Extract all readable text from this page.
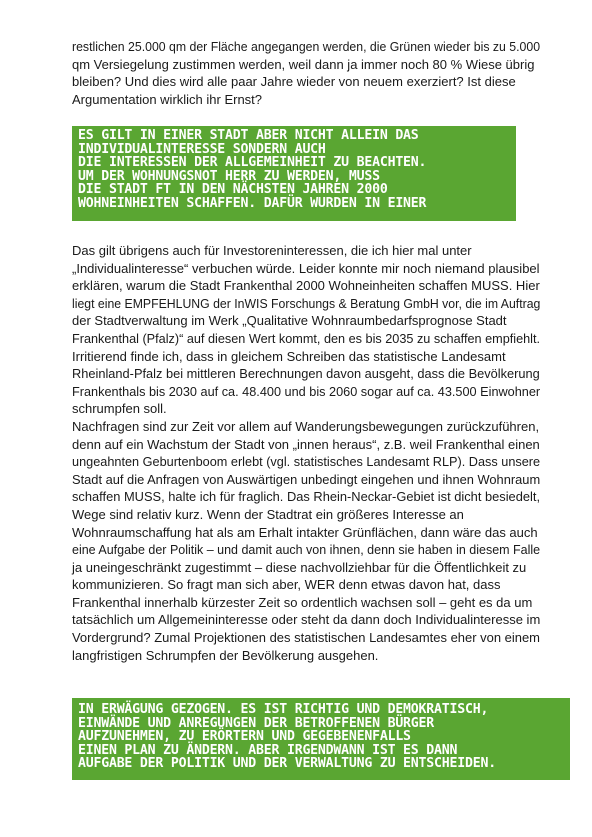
restlichen 25.000 qm der Fläche angegangen werden, die Grünen wieder bis zu 5.000
qm Versiegelung zustimmen werden, weil dann ja immer noch 80 % Wiese übrig
bleiben? Und dies wird alle paar Jahre wieder von neuem exerziert? Ist diese
Argumentation wirklich ihr Ernst?
ES GILT IN EINER STADT ABER NICHT ALLEIN DAS
INDIVIDUALINTERESSE SONDERN AUCH
DIE INTERESSEN DER ALLGEMEINHEIT ZU BEACHTEN.
UM DER WOHNUNGSNOT HERR ZU WERDEN, MUSS
DIE STADT FT IN DEN NÄCHSTEN JAHREN 2000
WOHNEINHEITEN SCHAFFEN. DAFÜR WURDEN IN EINER
Das gilt übrigens auch für Investoreninteressen, die ich hier mal unter
„Individualinteresse“ verbuchen würde. Leider konnte mir noch niemand plausibel
erklären, warum die Stadt Frankenthal 2000 Wohneinheiten schaffen MUSS. Hier
liegt eine EMPFEHLUNG der InWIS Forschungs & Beratung GmbH vor, die im Auftrag
der Stadtverwaltung im Werk „Qualitative Wohnraumbedarfsprognose Stadt
Frankenthal (Pfalz)“ auf diesen Wert kommt, den es bis 2035 zu schaffen empfiehlt.
Irritierend finde ich, dass in gleichem Schreiben das statistische Landesamt
Rheinland-Pfalz bei mittleren Berechnungen davon ausgeht, dass die Bevölkerung
Frankenthals bis 2030 auf ca. 48.400 und bis 2060 sogar auf ca. 43.500 Einwohner
schrumpfen soll.
Nachfragen sind zur Zeit vor allem auf Wanderungsbewegungen zurückzuführen,
denn auf ein Wachstum der Stadt von „innen heraus“, z.B. weil Frankenthal einen
ungeahnten Geburtenboom erlebt (vgl. statistisches Landesamt RLP). Dass unsere
Stadt auf die Anfragen von Auswärtigen unbedingt eingehen und ihnen Wohnraum
schaffen MUSS, halte ich für fraglich. Das Rhein-Neckar-Gebiet ist dicht besiedelt,
Wege sind relativ kurz. Wenn der Stadtrat ein größeres Interesse an
Wohnraumschaffung hat als am Erhalt intakter Grünflächen, dann wäre das auch
eine Aufgabe der Politik – und damit auch von ihnen, denn sie haben in diesem Falle
ja uneingeschränkt zugestimmt – diese nachvollziehbar für die Öffentlichkeit zu
kommunizieren. So fragt man sich aber, WER denn etwas davon hat, dass
Frankenthal innerhalb kürzester Zeit so ordentlich wachsen soll – geht es da um
tatsächlich um Allgemeininteresse oder steht da dann doch Individualinteresse im
Vordergrund? Zumal Projektionen des statistischen Landesamtes eher von einem
langfristigen Schrumpfen der Bevölkerung ausgehen.
IN ERWÄGUNG GEZOGEN. ES IST RICHTIG UND DEMOKRATISCH,
EINWÄNDE UND ANREGUNGEN DER BETROFFENEN BÜRGER
AUFZUNEHMEN, ZU ERÖRTERN UND GEGEBENENFALLS
EINEN PLAN ZU ÄNDERN. ABER IRGENDWANN IST ES DANN
AUFGABE DER POLITIK UND DER VERWALTUNG ZU ENTSCHEIDEN.
